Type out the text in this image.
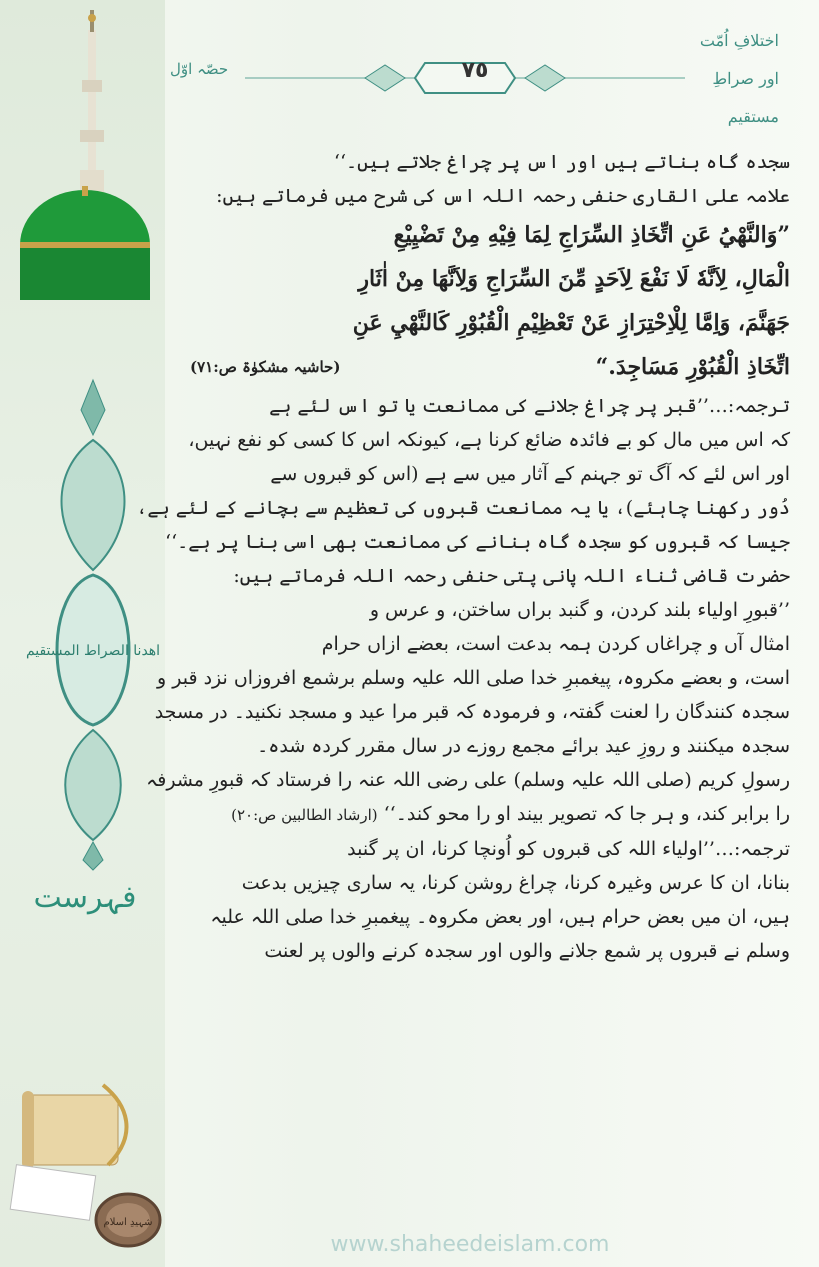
اهدنا الصراط المستقيم
فہرست
شہیدِ اسلام
اختلافِ اُمّت
اور صراطِ مستقیم
حصّہ اوّل	٧٥
سجدہ گاہ بناتے ہیں اور اس پر چراغ جلاتے ہیں۔‘‘
علامہ علی القاری حنفی رحمہ اللہ اس کی شرح میں فرماتے ہیں:
”وَالنَّهْيُ عَنِ اتِّخَاذِ السِّرَاجِ لِمَا فِيْهِ مِنْ تَضْيِيْعِ
الْمَالِ، لِاَنَّهٗ لَا نَفْعَ لِاَحَدٍ مِّنَ السِّرَاجِ وَلِاَنَّهَا مِنْ اٰثَارِ
جَهَنَّمَ، وَاِمَّا لِلْاِحْتِرَازِ عَنْ تَعْظِيْمِ الْقُبُوْرِ كَالنَّهْيِ عَنِ
اتِّخَاذِ الْقُبُوْرِ مَسَاجِدَ.“
(حاشیہ مشکوٰۃ ص:٧١)
ترجمہ:…’’قبر پر چراغ جلانے کی ممانعت یا تو اس لئے ہے
کہ اس میں مال کو بے فائدہ ضائع کرنا ہے، کیونکہ اس کا کسی کو نفع نہیں،
اور اس لئے کہ آگ تو جہنم کے آثار میں سے ہے (اس کو قبروں سے
دُور رکھنا چاہئے)، یا یہ ممانعت قبروں کی تعظیم سے بچانے کے لئے ہے،
جیسا کہ قبروں کو سجدہ گاہ بنانے کی ممانعت بھی اسی بنا پر ہے۔‘‘
حضرت قاضی ثناء اللہ پانی پتی حنفی رحمہ اللہ فرماتے ہیں:
’’قبورِ اولیاء بلند کردن، و گنبد براں ساختن، و عرس و
امثال آں و چراغاں کردن ہمہ بدعت است، بعضے ازاں حرام
است، و بعضے مکروہ، پیغمبرِ خدا صلی اللہ علیہ وسلم برشمع افروزاں نزد قبر و
سجدہ کنندگان را لعنت گفتہ، و فرمودہ کہ قبر مرا عید و مسجد نکنید۔ در مسجد
سجدہ میکنند و روزِ عید برائے مجمع روزے در سال مقرر کردہ شدہ۔
رسولِ کریم (صلی اللہ علیہ وسلم) علی رضی اللہ عنہ را فرستاد کہ قبورِ مشرفہ
را برابر کند، و ہر جا کہ تصویر بیند او را محو کند۔‘‘ (ارشاد الطالبین ص:٢٠)
ترجمہ:…’’اولیاء اللہ کی قبروں کو اُونچا کرنا، ان پر گنبد
بنانا، ان کا عرس وغیرہ کرنا، چراغ روشن کرنا، یہ ساری چیزیں بدعت
ہیں، ان میں بعض حرام ہیں، اور بعض مکروہ۔ پیغمبرِ خدا صلی اللہ علیہ
وسلم نے قبروں پر شمع جلانے والوں اور سجدہ کرنے والوں پر لعنت
www.shaheedeislam.com
